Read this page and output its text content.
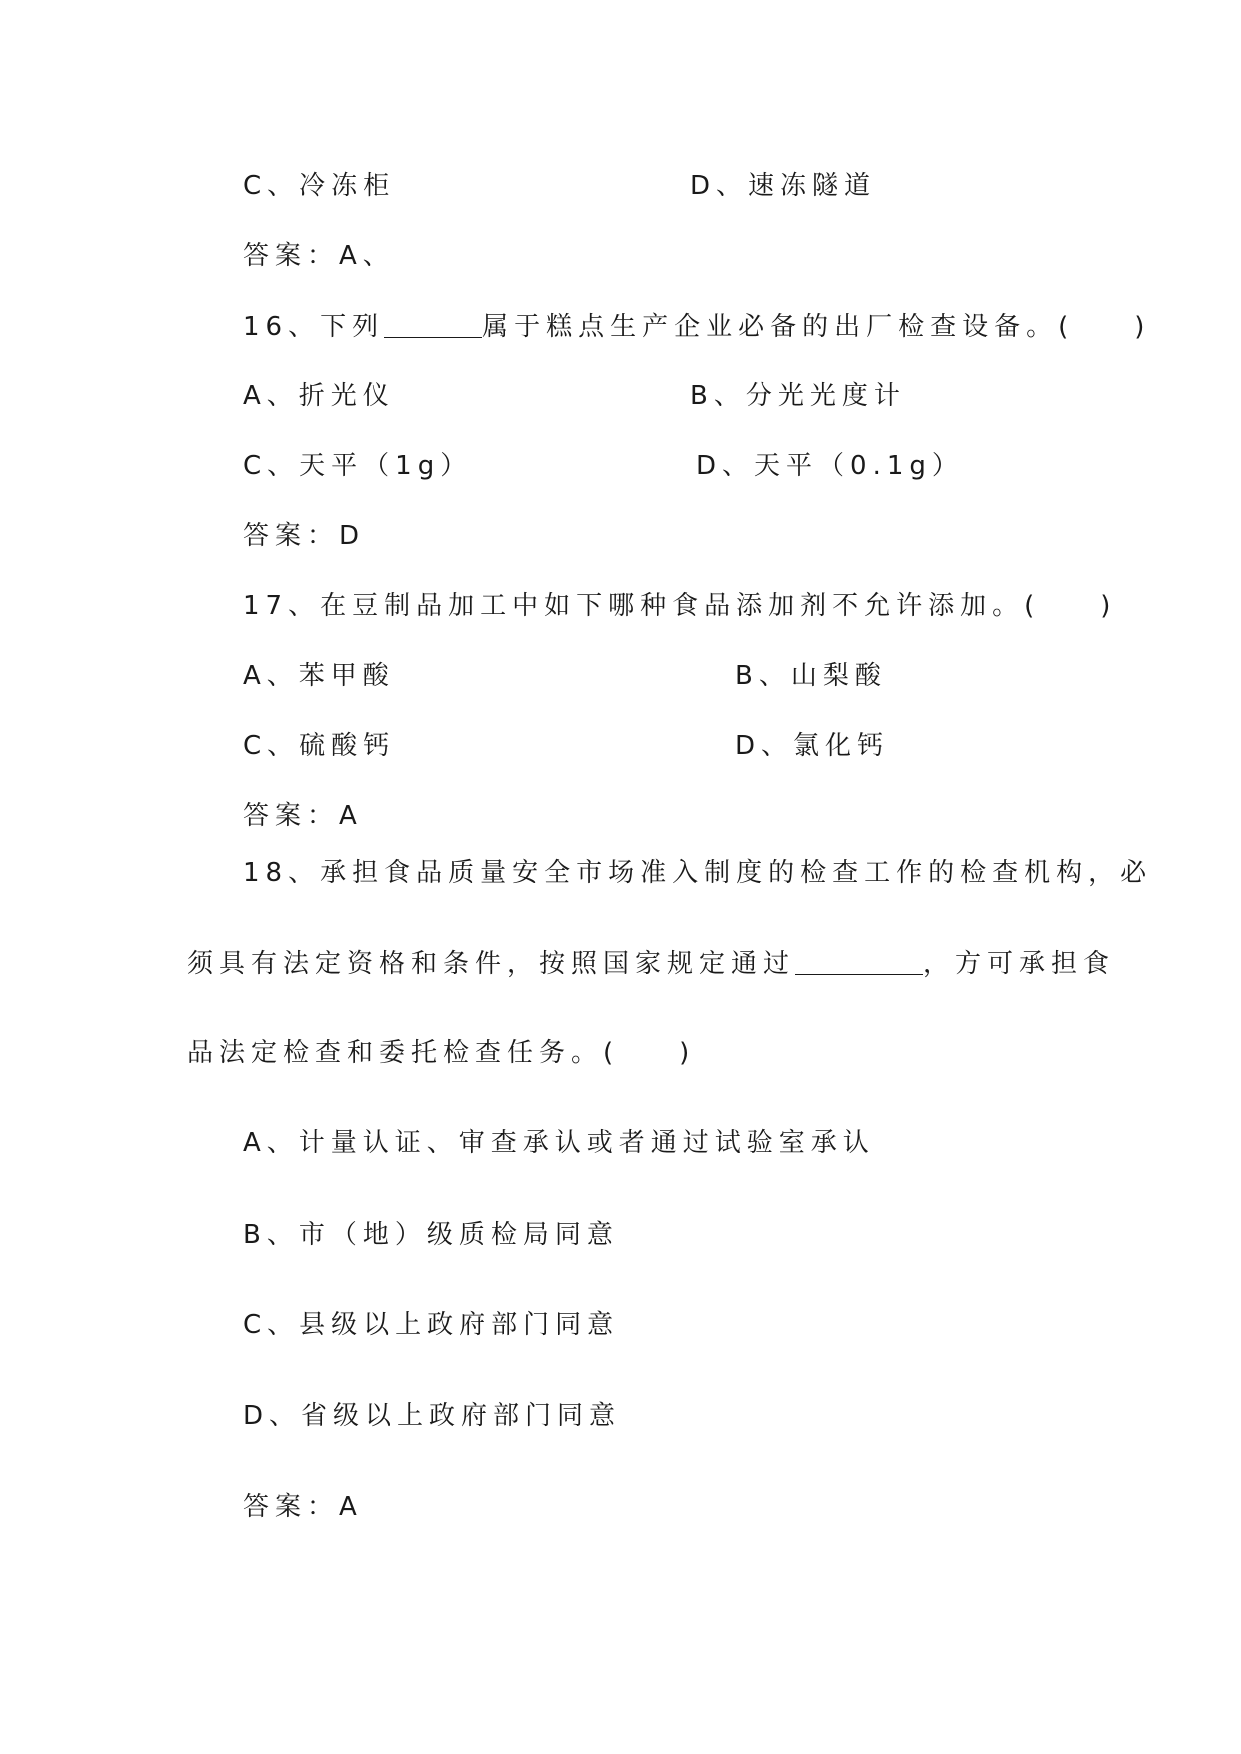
C、冷冻柜	D、速冻隧道
答案：A、
16、下列	属于糕点生产企业必备的出厂检查设备。( )
A、折光仪	B、分光光度计
C、天平（1g）	D、天平（0.1g）
答案：D
17、在豆制品加工中如下哪种食品添加剂不允许添加。( )
A、苯甲酸	B、山梨酸
C、硫酸钙	D、氯化钙
答案：A
18、承担食品质量安全市场准入制度的检查工作的检查机构，必
须具有法定资格和条件，按照国家规定通过	，方可承担食
品法定检查和委托检查任务。( )
A、计量认证、审查承认或者通过试验室承认
B、市（地）级质检局同意
C、县级以上政府部门同意
D、省级以上政府部门同意
答案：A
